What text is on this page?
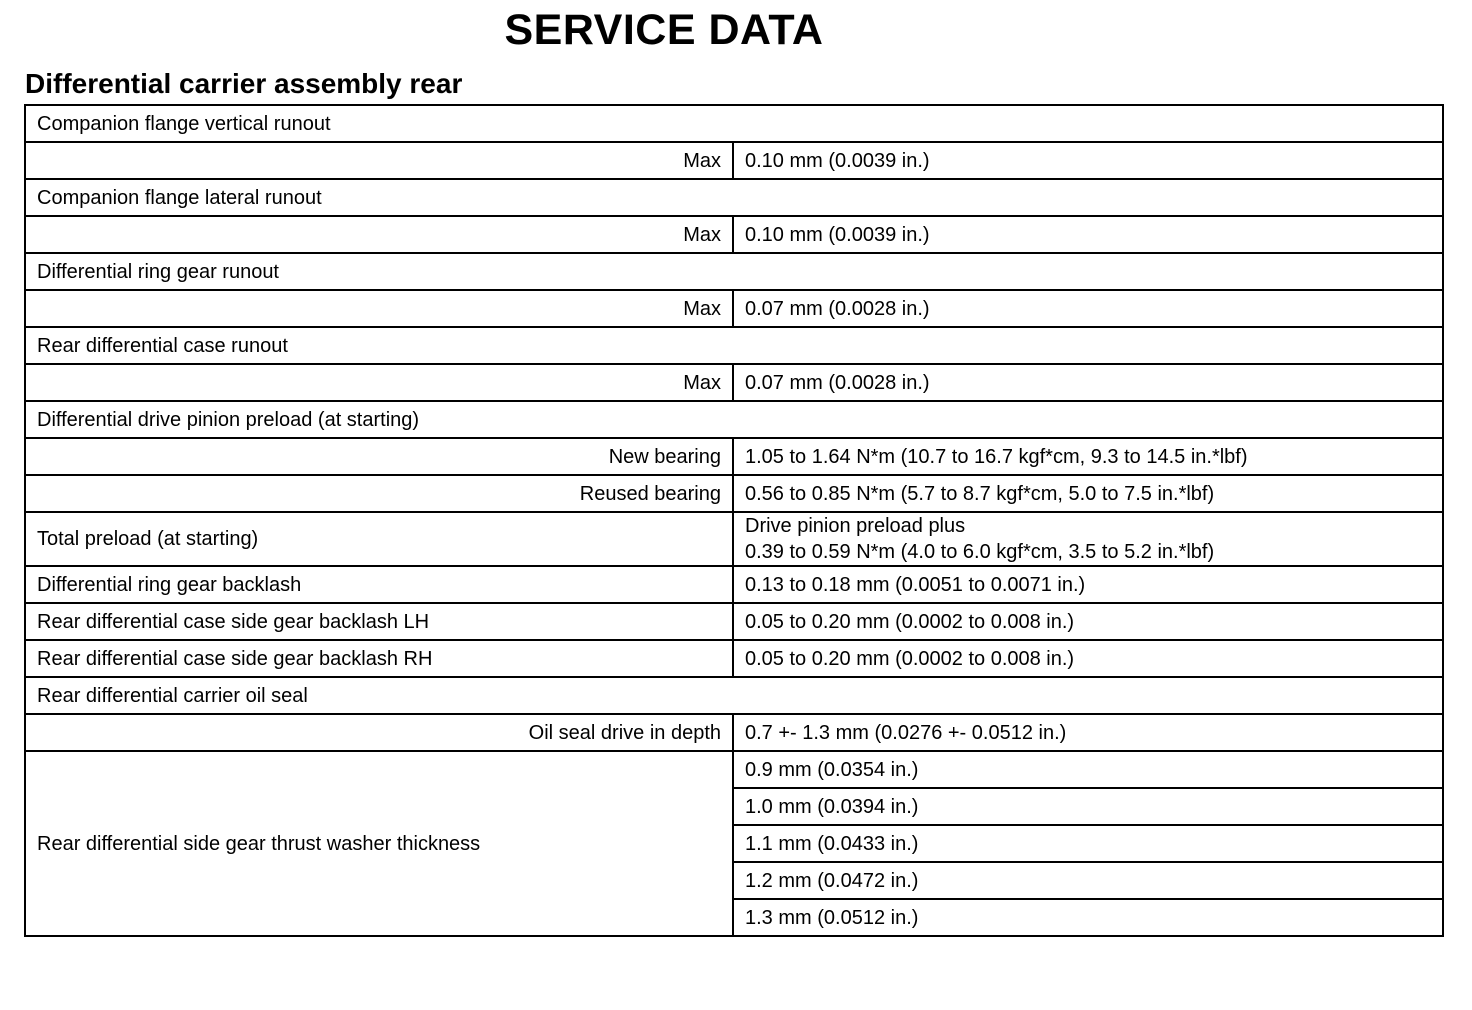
SERVICE DATA
Differential carrier assembly rear
Companion flange vertical runout	
Max	0.10 mm (0.0039 in.)
Companion flange lateral runout	
Max	0.10 mm (0.0039 in.)
Differential ring gear runout	
Max	0.07 mm (0.0028 in.)
Rear differential case runout	
Max	0.07 mm (0.0028 in.)
Differential drive pinion preload (at starting)	
New bearing	1.05 to 1.64 N*m (10.7 to 16.7 kgf*cm, 9.3 to 14.5 in.*lbf)
Reused bearing	0.56 to 0.85 N*m (5.7 to 8.7 kgf*cm, 5.0 to 7.5 in.*lbf)
Total preload (at starting)	Drive pinion preload plus
0.39 to 0.59 N*m (4.0 to 6.0 kgf*cm, 3.5 to 5.2 in.*lbf)

Differential ring gear backlash	0.13 to 0.18 mm (0.0051 to 0.0071 in.)
Rear differential case side gear backlash LH	0.05 to 0.20 mm (0.0002 to 0.008 in.)
Rear differential case side gear backlash RH	0.05 to 0.20 mm (0.0002 to 0.008 in.)
Rear differential carrier oil seal	
Oil seal drive in depth	0.7 +- 1.3 mm (0.0276 +- 0.0512 in.)
Rear differential side gear thrust washer thickness	0.9 mm (0.0354 in.)
	1.0 mm (0.0394 in.)
	1.1 mm (0.0433 in.)
	1.2 mm (0.0472 in.)
	1.3 mm (0.0512 in.)
